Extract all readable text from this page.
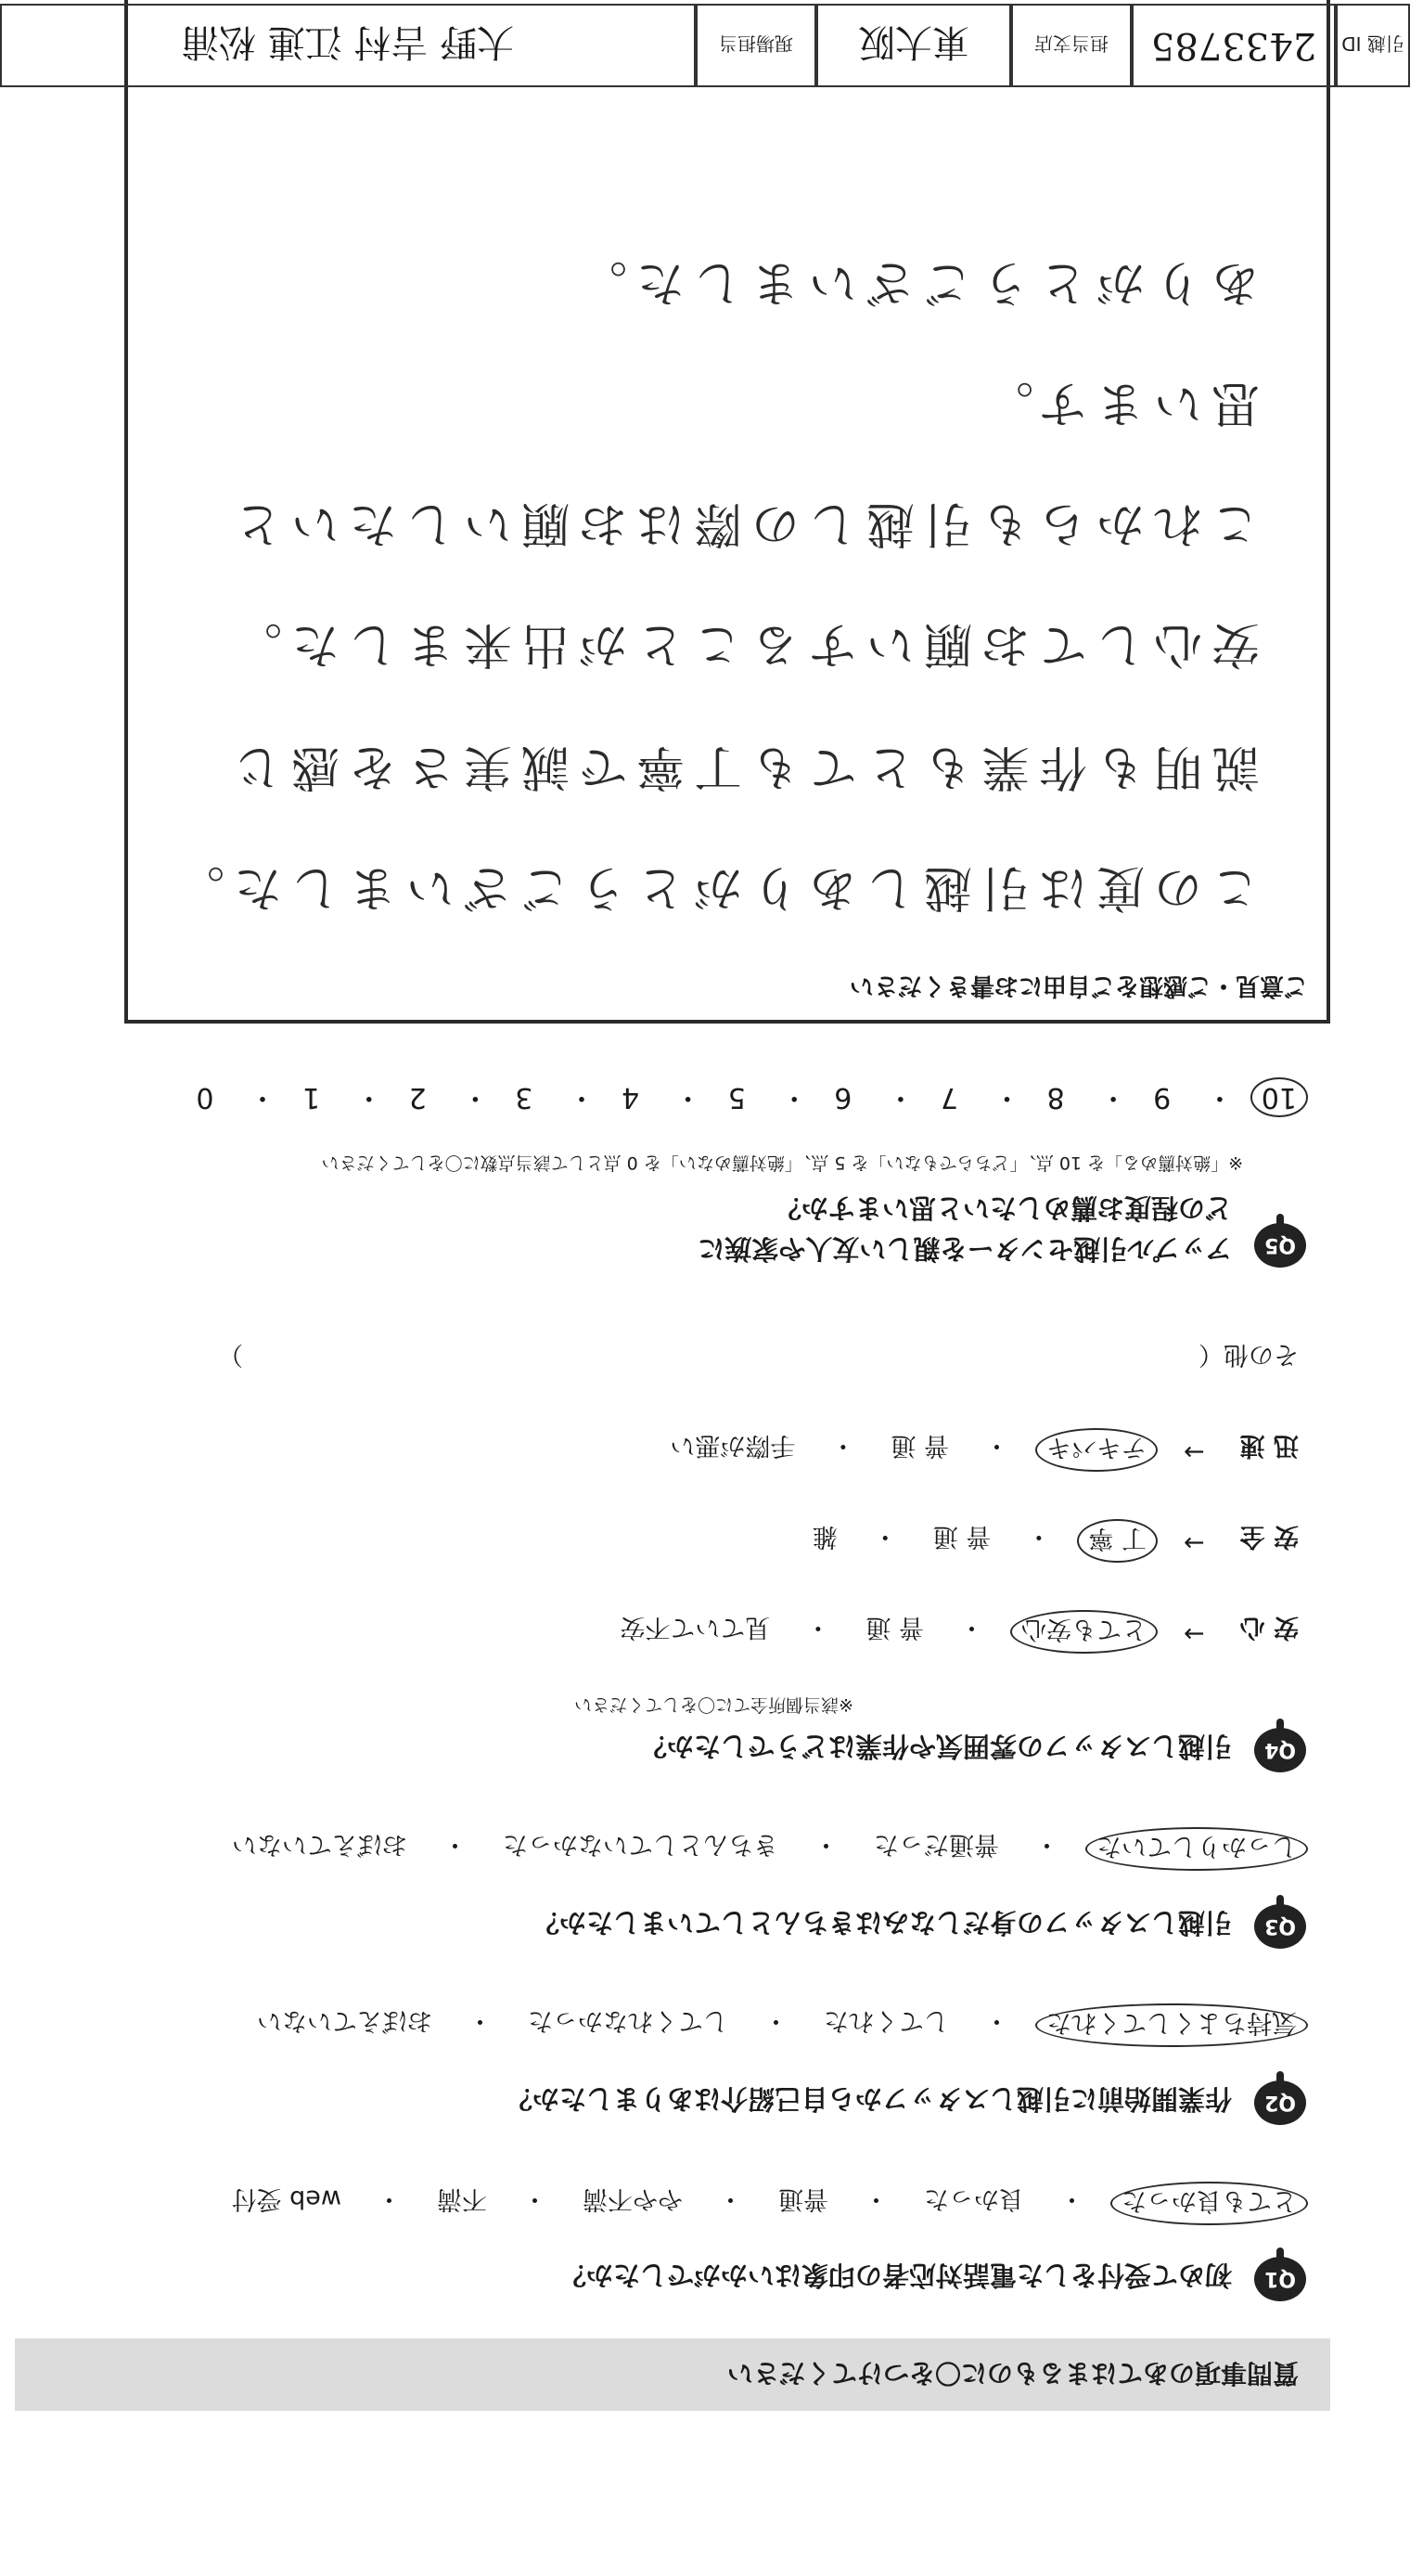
質問事項のあてはまるものに〇をつけてください
Q1
初めて受付をした電話対応者の印象はいかがでしたか？
とても良かった
・
良かった
・
普通
・
やや不満
・
不満
・
web 受付
Q2
作業開始前に引越しスタッフから自己紹介はありましたか？
気持ちよくしてくれた
・
してくれた
・
してくれなかった
・
おぼえていない
Q3
引越しスタッフの身だしなみはきちんとしていましたか？
しっかりしていた
・
普通だった
・
きちんとしていなかった
・
おぼえていない
Q4
引越しスタッフの雰囲気や作業はどうでしたか？
※該当個所全てに〇をしてください
安 心
→
とても安心
・
普 通
・
見ていて不安
安 全
→
丁 寧
・
普 通
・
雑
迅 速
→
テキパキ
・
普 通
・
手際が悪い
その他（
）
Q5
アップル引越センターを親しい友人や家族に
どの程度お薦めしたいと思いますか？
※「絶対薦める」を 10 点、「どちらでもない」を 5 点、「絶対薦めない」を 0 点として該当点数に〇をしてください
10・ 9・ 8・ 7・ 6・ 5・ 4・ 3・ 2・ 1・ 0
ご意見・ご感想をご自由にお書きください
この度は引越しありがとうございました。
説明も作業もとても丁寧で誠実さを感じ
安心してお願いすることが出来ました。
これからも引越しの際はお願いしたいと
思います。
ありがとうございました。
引越 ID
2433785
担当支店
東大阪
現場担当
大野 吉村 江連 松浦
